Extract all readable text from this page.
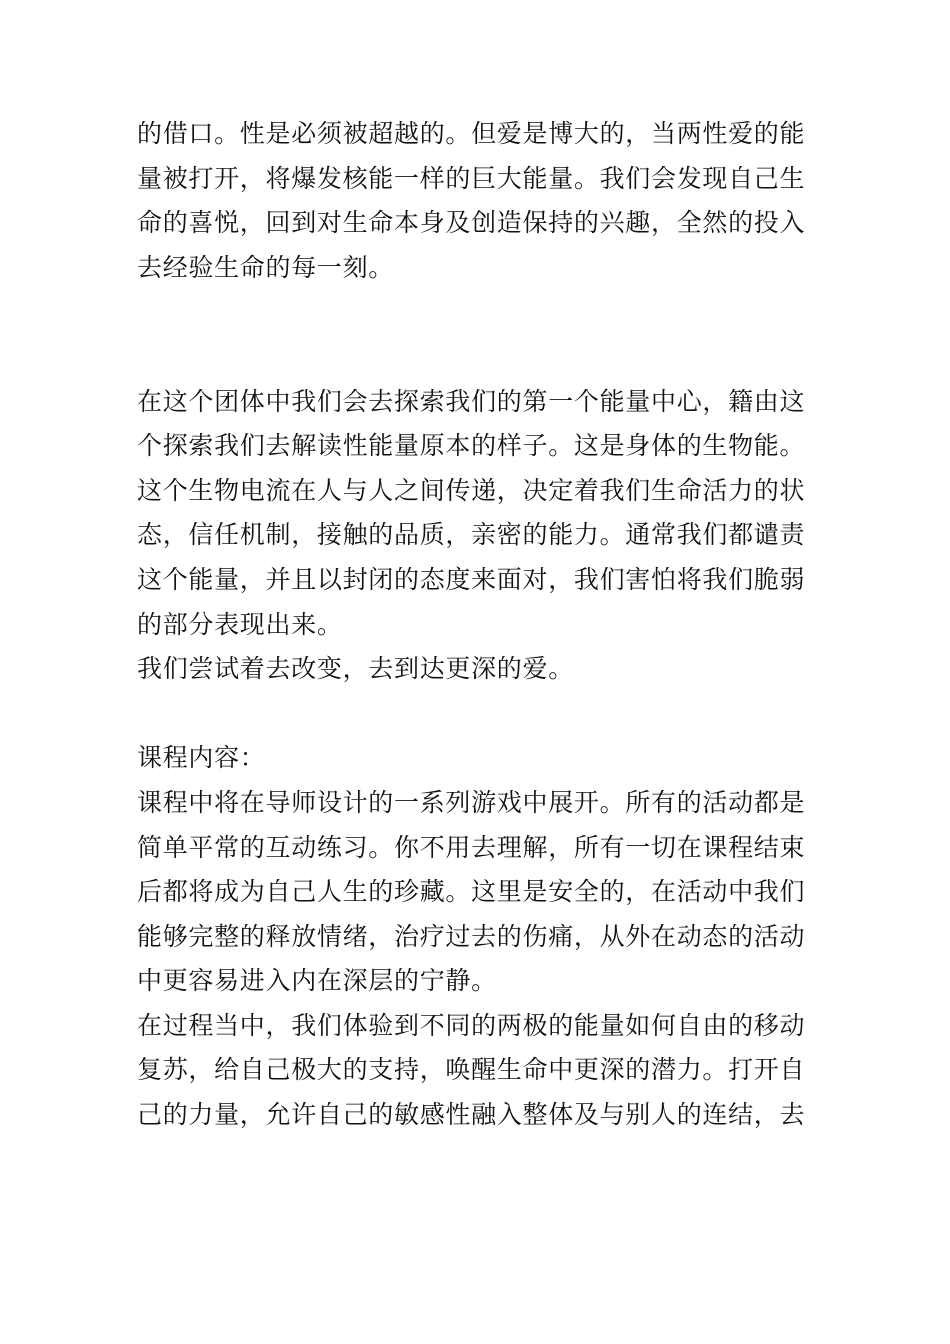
的借口。性是必须被超越的。但爱是博大的，当两性爱的能量被打开，将爆发核能一样的巨大能量。我们会发现自己生命的喜悦，回到对生命本身及创造保持的兴趣，全然的投入去经验生命的每一刻。

在这个团体中我们会去探索我们的第一个能量中心，籍由这个探索我们去解读性能量原本的样子。这是身体的生物能。这个生物电流在人与人之间传递，决定着我们生命活力的状态，信任机制，接触的品质，亲密的能力。通常我们都谴责这个能量，并且以封闭的态度来面对，我们害怕将我们脆弱的部分表现出来。

我们尝试着去改变，去到达更深的爱。

课程内容：

课程中将在导师设计的一系列游戏中展开。所有的活动都是简单平常的互动练习。你不用去理解，所有一切在课程结束后都将成为自己人生的珍藏。这里是安全的，在活动中我们能够完整的释放情绪，治疗过去的伤痛，从外在动态的活动中更容易进入内在深层的宁静。

在过程当中，我们体验到不同的两极的能量如何自由的移动复苏，给自己极大的支持，唤醒生命中更深的潜力。打开自己的力量，允许自己的敏感性融入整体及与别人的连结，去
